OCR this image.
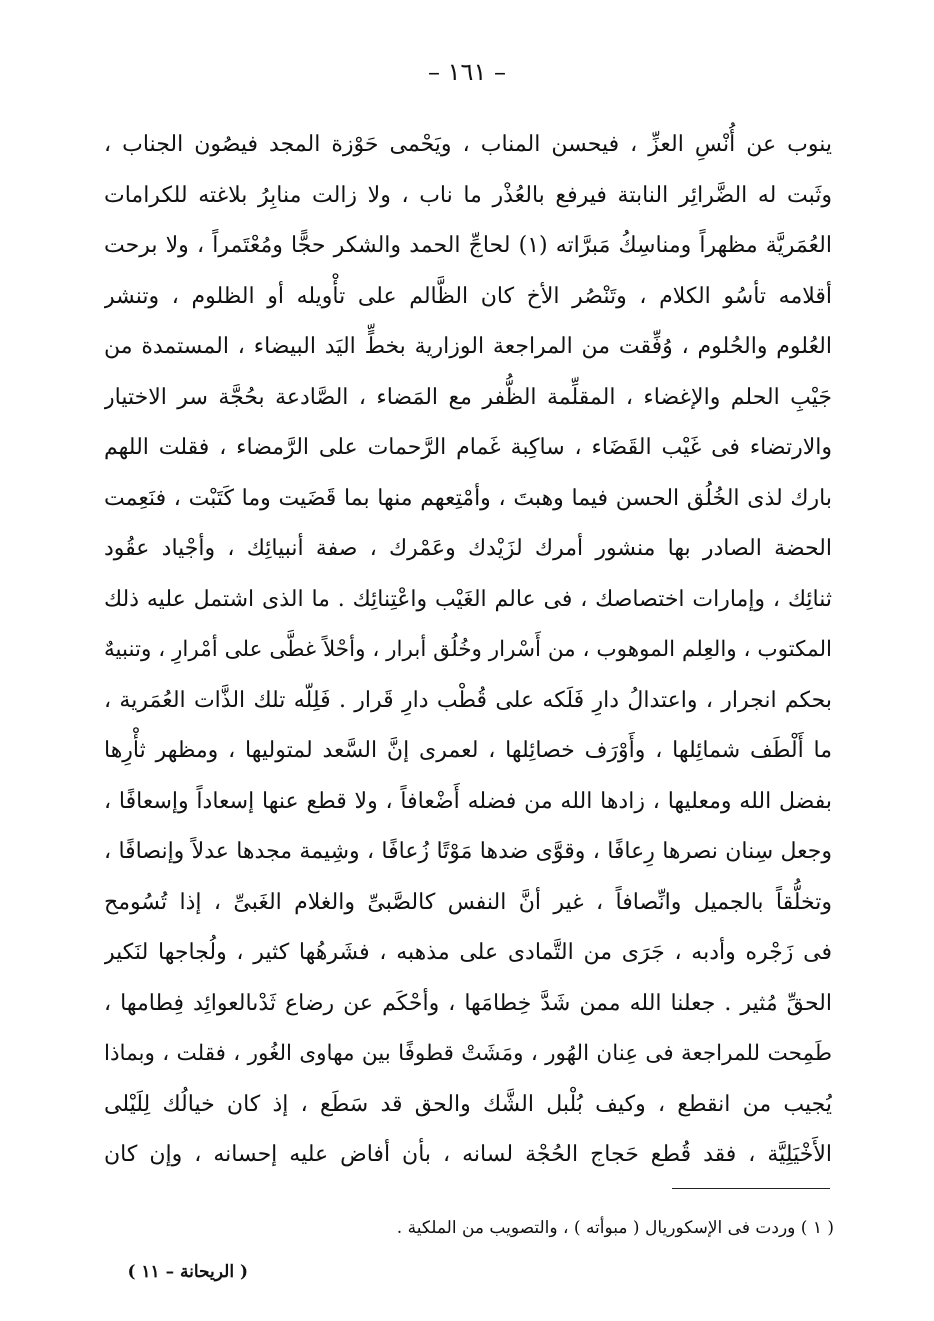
– ١٦١ –
ينوب عن أُنْسِ العزِّ ، فيحسن المناب ، ويَحْمى حَوْزة المجد فيصُون الجناب ،
وثَبت له الضَّرائِر النابتة فيرفع بالعُذْر ما ناب ، ولا زالت منابِرُ بلاغته للكرامات
العُمَريَّة مظهراً ومناسِكُ مَبرَّاته (١) لحاجِّ الحمد والشكر حجًّا ومُعْتَمراً ، ولا برحت
أقلامه تأسُو الكلام ، وتَنْصُر الأخ كان الظَّالم على تأْويله أو الظلوم ، وتنشر
العُلوم والحُلوم ، وُفِّقت من المراجعة الوزارية بخطٍّ اليَد البيضاء ، المستمدة من
جَيْبِ الحلم والإغضاء ، المقلِّمة الظُّفر مع المَضاء ، الصَّادعة بحُجَّة سر الاختيار
والارتضاء فى غَيْب القَضَاء ، ساكِبة غَمام الرَّحمات على الرَّمضاء ، فقلت اللهم
بارك لذى الخُلُق الحسن فيما وهبتَ ، وأمْتِعهم منها بما قَضَيت وما كَتَبْت ، فنَعِمت
الحضة الصادر بها منشور أمرك لزَيْدك وعَمْرك ، صفة أنبيائِك ، وأجْياد عقُود
ثنائِك ، وإمارات اختصاصك ، فى عالم الغَيْب واعْتِنائِك . ما الذى اشتمل عليه ذلك
المكتوب ، والعِلم الموهوب ، من أَسْرار وخُلُق أبرار ، وأحْلاً غطَّى على أمْرارِ ، وتنبيهٌ
بحكم انجرار ، واعتدالُ دارِ فَلَكه على قُطْب دارِ قَرار . فَلِلّه تلك الذَّات العُمَرية ،
ما أَلْطَف شمائِلها ، وأَوْرَف خصائِلها ، لعمرى إنَّ السَّعد لمتوليها ، ومظهر ثأْرِها
بفضل الله ومعليها ، زادها الله من فضله أَضْعافاً ، ولا قطع عنها إسعاداً وإسعافًا ،
وجعل سِنان نصرها رِعافًا ، وقوَّى ضدها مَوْتًا زُعافًا ، وشِيمة مجدها عدلاً وإنصافًا ،
وتخلُّقاً بالجميل وانِّصافاً ، غير أنَّ النفس كالصَّبىِّ والغلام الغَبىِّ ، إذا تُسُومح
فى زَجْره وأدبه ، جَرَى من التَّمادى على مذهبه ، فشَرهُها كثير ، ولُجاجها لنَكير
الحقِّ مُثير . جعلنا الله ممن شَدَّ خِطامَها ، وأحْكَم عن رضاع ثَدْىالعوائِد فِطامها ،
طَمِحت للمراجعة فى عِنان الهُور ، ومَشَتْ قطوفًا بين مهاوى الغُور ، فقلت ، وبماذا
يُجيب من انقطع ، وكيف بُلْبل الشَّك والحق قد سَطَع ، إذ كان خيالُك لِلَيْلى
الأَخْيَلِيَّة ، فقد قُطع حَجاج الحُجْة لسانه ، بأن أفاض عليه إحسانه ، وإن كان
( ١ ) وردت فى الإسكوريال ( مبوأته ) ، والتصويب من الملكية .
( الريحانة – ١١ )
